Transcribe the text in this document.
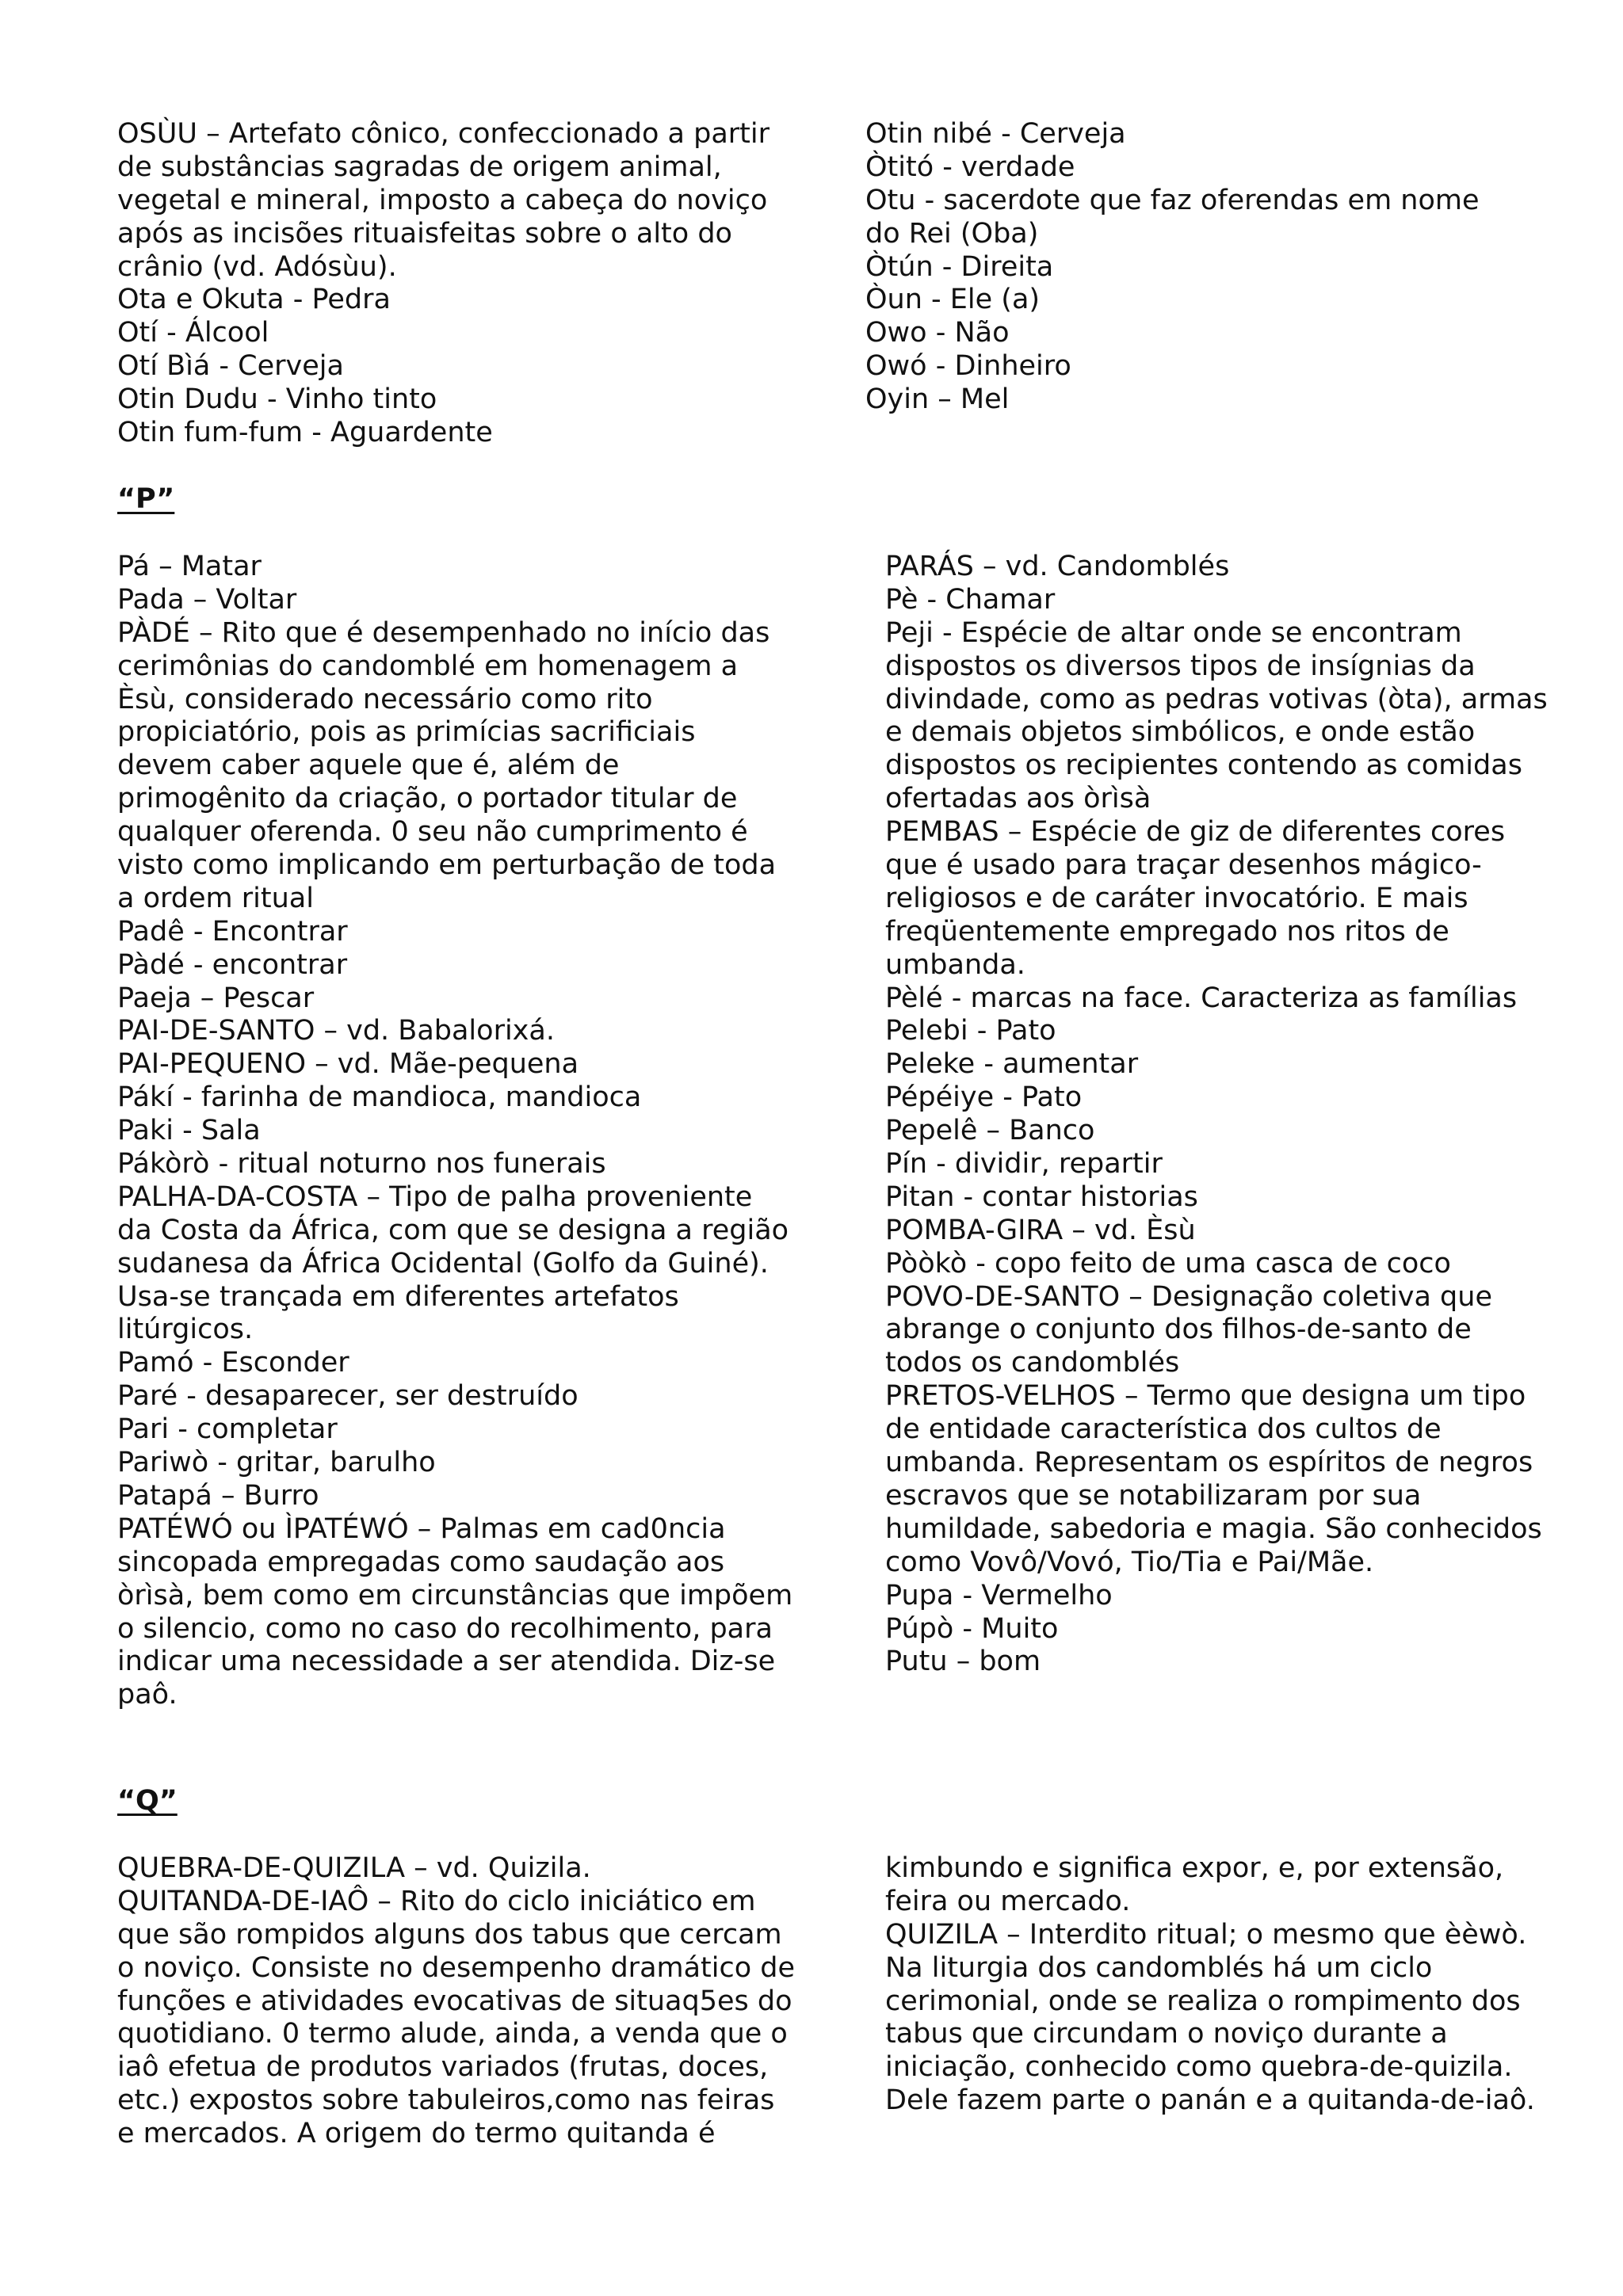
OSÙU – Artefato cônico, confeccionado a partir
de substâncias sagradas de origem animal,
vegetal e mineral, imposto a cabeça do noviço
após as incisões rituaisfeitas sobre o alto do
crânio (vd. Adósùu).
Ota e Okuta - Pedra
Otí - Álcool
Otí Bìá - Cerveja
Otin Dudu - Vinho tinto
Otin fum-fum - Aguardente
Otin nibé - Cerveja
Òtitó - verdade
Otu - sacerdote que faz oferendas em nome
do Rei (Oba)
Òtún - Direita
Òun - Ele (a)
Owo - Não
Owó - Dinheiro
Oyin – Mel
“P”
Pá – Matar
Pada – Voltar
PÀDÉ – Rito que é desempenhado no início das
cerimônias do candomblé em homenagem a
Èsù, considerado necessário como rito
propiciatório, pois as primícias sacrificiais
devem caber aquele que é, além de
primogênito da criação, o portador titular de
qualquer oferenda. 0 seu não cumprimento é
visto como implicando em perturbação de toda
a ordem ritual
Padê - Encontrar
Pàdé - encontrar
Paeja – Pescar
PAI-DE-SANTO – vd. Babalorixá.
PAI-PEQUENO – vd. Mãe-pequena
Pákí - farinha de mandioca, mandioca
Paki - Sala
Pákòrò - ritual noturno nos funerais
PALHA-DA-COSTA – Tipo de palha proveniente
da Costa da África, com que se designa a região
sudanesa da África Ocidental (Golfo da Guiné).
Usa-se trançada em diferentes artefatos
litúrgicos.
Pamó - Esconder
Paré - desaparecer, ser destruído
Pari - completar
Pariwò - gritar, barulho
Patapá – Burro
PATÉWÓ ou ÌPATÉWÓ – Palmas em cad0ncia
sincopada empregadas como saudação aos
òrìsà, bem como em circunstâncias que impõem
o silencio, como no caso do recolhimento, para
indicar uma necessidade a ser atendida. Diz-se
paô.
PARÁS – vd. Candomblés
Pè - Chamar
Peji - Espécie de altar onde se encontram
dispostos os diversos tipos de insígnias da
divindade, como as pedras votivas (òta), armas
e demais objetos simbólicos, e onde estão
dispostos os recipientes contendo as comidas
ofertadas aos òrìsà
PEMBAS – Espécie de giz de diferentes cores
que é usado para traçar desenhos mágico-
religiosos e de caráter invocatório. E mais
freqüentemente empregado nos ritos de
umbanda.
Pèlé - marcas na face. Caracteriza as famílias
Pelebi - Pato
Peleke - aumentar
Pépéiye - Pato
Pepelê – Banco
Pín - dividir, repartir
Pitan - contar historias
POMBA-GIRA – vd. Èsù
Pòòkò - copo feito de uma casca de coco
POVO-DE-SANTO – Designação coletiva que
abrange o conjunto dos filhos-de-santo de
todos os candomblés
PRETOS-VELHOS – Termo que designa um tipo
de entidade característica dos cultos de
umbanda. Representam os espíritos de negros
escravos que se notabilizaram por sua
humildade, sabedoria e magia. São conhecidos
como Vovô/Vovó, Tio/Tia e Pai/Mãe.
Pupa - Vermelho
Púpò - Muito
Putu – bom
“Q”
QUEBRA-DE-QUIZILA – vd. Quizila.
QUITANDA-DE-IAÔ – Rito do ciclo iniciático em
que são rompidos alguns dos tabus que cercam
o noviço. Consiste no desempenho dramático de
funções e atividades evocativas de situaq5es do
quotidiano. 0 termo alude, ainda, a venda que o
iaô efetua de produtos variados (frutas, doces,
etc.) expostos sobre tabuleiros,como nas feiras
e mercados. A origem do termo quitanda é
kimbundo e significa expor, e, por extensão,
feira ou mercado.
QUIZILA – Interdito ritual; o mesmo que èèwò.
Na liturgia dos candomblés há um ciclo
cerimonial, onde se realiza o rompimento dos
tabus que circundam o noviço durante a
iniciação, conhecido como quebra-de-quizila.
Dele fazem parte o panán e a quitanda-de-iaô.
